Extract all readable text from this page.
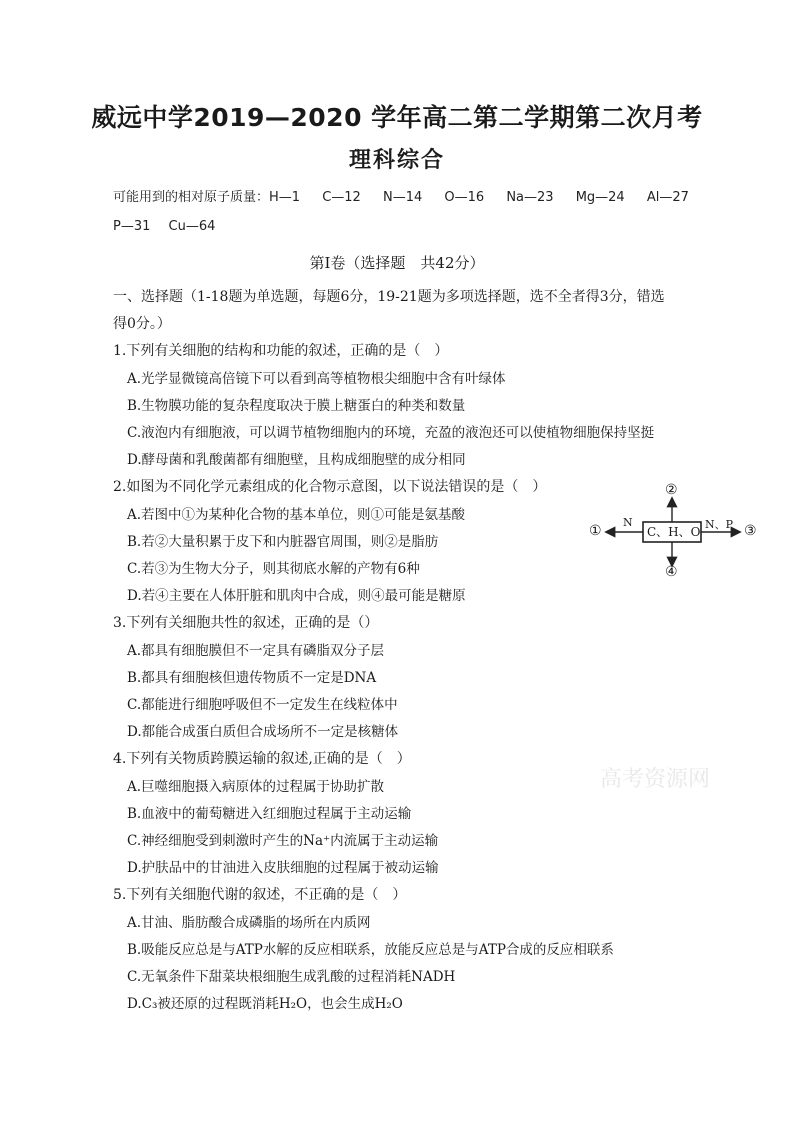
威远中学2019—2020 学年高二第二学期第二次月考
理科综合
可能用到的相对原子质量：H—1 C—12 N—14 O—16 Na—23 Mg—24 Al—27
P—31 Cu—64
第Ⅰ卷（选择题　共42分）
一、选择题（1-18题为单选题，每题6分，19-21题为多项选择题，选不全者得3分，错选
得0分。）
1.下列有关细胞的结构和功能的叙述，正确的是（　）
A.光学显微镜高倍镜下可以看到高等植物根尖细胞中含有叶绿体
B.生物膜功能的复杂程度取决于膜上糖蛋白的种类和数量
C.液泡内有细胞液，可以调节植物细胞内的环境，充盈的液泡还可以使植物细胞保持坚挺
D.酵母菌和乳酸菌都有细胞壁，且构成细胞壁的成分相同
2.如图为不同化学元素组成的化合物示意图，以下说法错误的是（　）
A.若图中①为某种化合物的基本单位，则①可能是氨基酸
B.若②大量积累于皮下和内脏器官周围，则②是脂肪
C.若③为生物大分子，则其彻底水解的产物有6种
D.若④主要在人体肝脏和肌肉中合成，则④最可能是糖原
C、H、O
N	N、P
①
②
③
④
3.下列有关细胞共性的叙述，正确的是（）
A.都具有细胞膜但不一定具有磷脂双分子层
B.都具有细胞核但遗传物质不一定是DNA
C.都能进行细胞呼吸但不一定发生在线粒体中
D.都能合成蛋白质但合成场所不一定是核糖体
4.下列有关物质跨膜运输的叙述,正确的是（　）
A.巨噬细胞摄入病原体的过程属于协助扩散
B.血液中的葡萄糖进入红细胞过程属于主动运输
C.神经细胞受到刺激时产生的Na⁺内流属于主动运输
D.护肤品中的甘油进入皮肤细胞的过程属于被动运输
高考资源网
5.下列有关细胞代谢的叙述，不正确的是（　）
A.甘油、脂肪酸合成磷脂的场所在内质网
B.吸能反应总是与ATP水解的反应相联系，放能反应总是与ATP合成的反应相联系
C.无氧条件下甜菜块根细胞生成乳酸的过程消耗NADH
D.C₃被还原的过程既消耗H₂O，也会生成H₂O
